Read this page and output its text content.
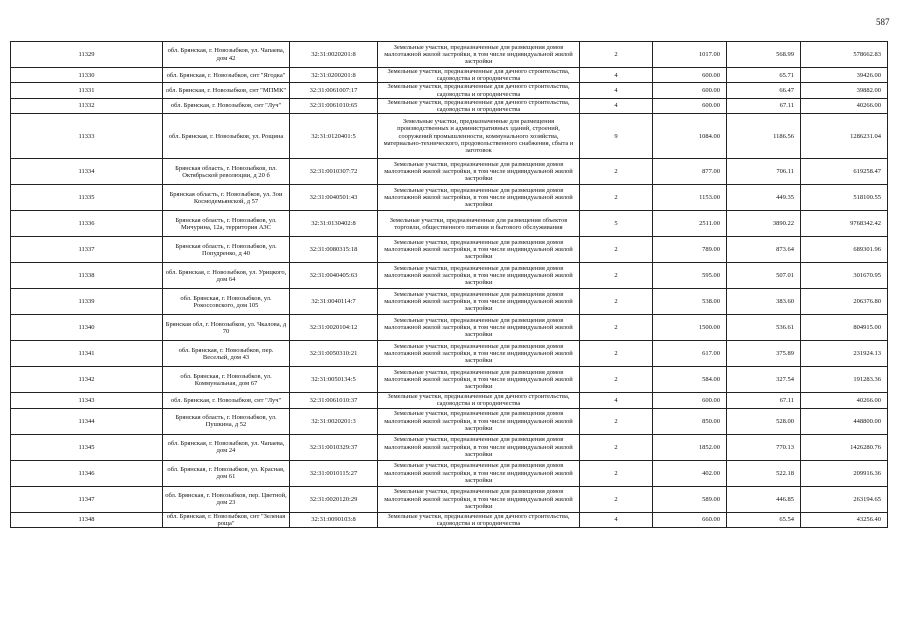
587
11329	обл. Брянская, г. Новозыбков, ул. Чапаева, дом 42	32:31:0020201:8	Земельные участки, предназначенные для размещения домов малоэтажной жилой застройки, в том числе индивидуальной жилой застройки	2	1017.00	568.99	578662.83
11330	обл. Брянская, г. Новозыбков, снт "Ягодка"	32:31:0200201:8	Земельные участки, предназначенные для дачного строительства, садоводства и огородничества	4	600.00	65.71	39426.00
11331	обл. Брянская, г. Новозыбков, снт "МПМК"	32:31:0061007:17	Земельные участки, предназначенные для дачного строительства, садоводства и огородничества	4	600.00	66.47	39882.00
11332	обл. Брянская, г. Новозыбков, снт "Луч"	32:31:0061010:65	Земельные участки, предназначенные для дачного строительства, садоводства и огородничества	4	600.00	67.11	40266.00
11333	обл. Брянская, г. Новозыбков, ул. Рощина	32:31:0120401:5	Земельные участки, предназначенные для размещения производственных и административных зданий, строений, сооружений промышленности, коммунального хозяйства, материально-технического, продовольственного снабжения, сбыта и заготовок	9	1084.00	1186.56	1286231.04
11334	Брянская область, г. Новозыбков, пл. Октябрьской революции, д 20 б	32:31:0010307:72	Земельные участки, предназначенные для размещения домов малоэтажной жилой застройки, в том числе индивидуальной жилой застройки	2	877.00	706.11	619258.47
11335	Брянская область, г. Новозыбков, ул. Зои Космодемьянской, д 57	32:31:0040501:43	Земельные участки, предназначенные для размещения домов малоэтажной жилой застройки, в том числе индивидуальной жилой застройки	2	1153.00	449.35	518100.55
11336	Брянская область, г. Новозыбков, ул. Мичурина, 12а, территория АЗС	32:31:0130402:8	Земельные участки, предназначенные для размещения объектов торговли, общественного питания и бытового обслуживания	5	2511.00	3890.22	9768342.42
11337	Брянская область, г. Новозыбков, ул. Попудренко, д 40	32:31:0080315:18	Земельные участки, предназначенные для размещения домов малоэтажной жилой застройки, в том числе индивидуальной жилой застройки	2	789.00	873.64	689301.96
11338	обл. Брянская, г. Новозыбков, ул. Урицкого, дом 64	32:31:0040405:63	Земельные участки, предназначенные для размещения домов малоэтажной жилой застройки, в том числе индивидуальной жилой застройки	2	595.00	507.01	301670.95
11339	обл. Брянская, г. Новозыбков, ул. Рокоссовского, дом 105	32:31:0040114:7	Земельные участки, предназначенные для размещения домов малоэтажной жилой застройки, в том числе индивидуальной жилой застройки	2	538.00	383.60	206376.80
11340	Брянская обл, г. Новозыбков, ул. Чкалова, д 70	32:31:0020104:12	Земельные участки, предназначенные для размещения домов малоэтажной жилой застройки, в том числе индивидуальной жилой застройки	2	1500.00	536.61	804915.00
11341	обл. Брянская, г. Новозыбков, пер. Веселый, дом 43	32:31:0050310:21	Земельные участки, предназначенные для размещения домов малоэтажной жилой застройки, в том числе индивидуальной жилой застройки	2	617.00	375.89	231924.13
11342	обл. Брянская, г. Новозыбков, ул. Коммунальная, дом 67	32:31:0050134:5	Земельные участки, предназначенные для размещения домов малоэтажной жилой застройки, в том числе индивидуальной жилой застройки	2	584.00	327.54	191283.36
11343	обл. Брянская, г. Новозыбков, снт "Луч"	32:31:0061010:37	Земельные участки, предназначенные для дачного строительства, садоводства и огородничества	4	600.00	67.11	40266.00
11344	Брянская область, г. Новозыбков, ул. Пушкина, д 52	32:31:0020201:3	Земельные участки, предназначенные для размещения домов малоэтажной жилой застройки, в том числе индивидуальной жилой застройки	2	850.00	528.00	448800.00
11345	обл. Брянская, г. Новозыбков, ул. Чапаева, дом 24	32:31:0010329:37	Земельные участки, предназначенные для размещения домов малоэтажной жилой застройки, в том числе индивидуальной жилой застройки	2	1852.00	770.13	1426280.76
11346	обл. Брянская, г. Новозыбков, ул. Красная, дом 61	32:31:0010115:27	Земельные участки, предназначенные для размещения домов малоэтажной жилой застройки, в том числе индивидуальной жилой застройки	2	402.00	522.18	209916.36
11347	обл. Брянская, г. Новозыбков, пер. Цветной, дом 23	32:31:0020120:29	Земельные участки, предназначенные для размещения домов малоэтажной жилой застройки, в том числе индивидуальной жилой застройки	2	589.00	446.85	263194.65
11348	обл. Брянская, г. Новозыбков, снт "Зеленая роща"	32:31:0090103:8	Земельные участки, предназначенные для дачного строительства, садоводства и огородничества	4	660.00	65.54	43256.40
